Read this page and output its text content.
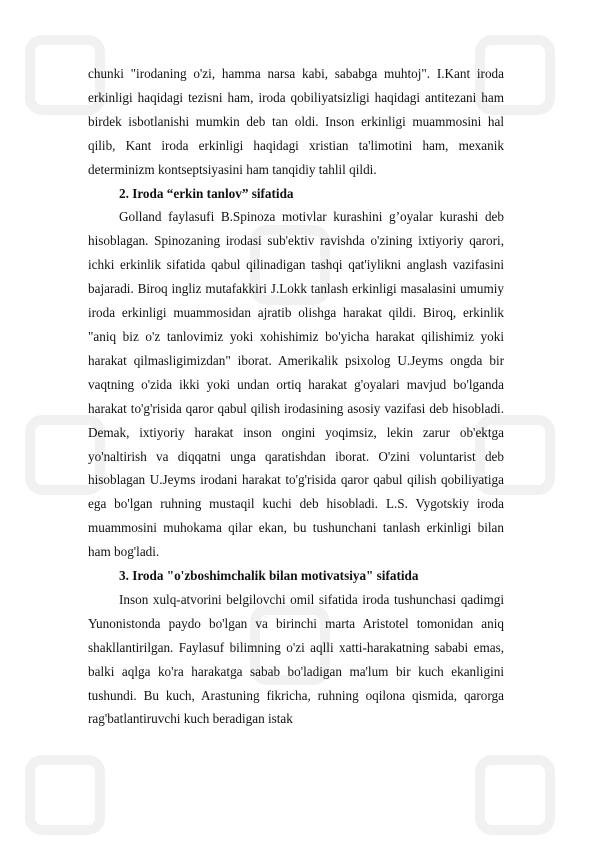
chunki "irodaning o'zi, hamma narsa kabi, sababga muhtoj". I.Kant iroda erkinligi haqidagi tezisni ham, iroda qobiliyatsizligi haqidagi antitezani ham birdek isbotlanishi mumkin deb tan oldi. Inson erkinligi muammosini hal qilib, Kant iroda erkinligi haqidagi xristian ta'limotini ham, mexanik determinizm kontseptsiyasini ham tanqidiy tahlil qildi.

2. Iroda “erkin tanlov” sifatida

Golland faylasufi B.Spinoza motivlar kurashini g’oyalar kurashi deb hisoblagan. Spinozaning irodasi sub'ektiv ravishda o'zining ixtiyoriy qarori, ichki erkinlik sifatida qabul qilinadigan tashqi qat'iylikni anglash vazifasini bajaradi. Biroq ingliz mutafakkiri J.Lokk tanlash erkinligi masalasini umumiy iroda erkinligi muammosidan ajratib olishga harakat qildi. Biroq, erkinlik "aniq biz o'z tanlovimiz yoki xohishimiz bo'yicha harakat qilishimiz yoki harakat qilmasligimizdan" iborat. Amerikalik psixolog U.Jeyms ongda bir vaqtning o'zida ikki yoki undan ortiq harakat g'oyalari mavjud bo'lganda harakat to'g'risida qaror qabul qilish irodasining asosiy vazifasi deb hisobladi. Demak, ixtiyoriy harakat inson ongini yoqimsiz, lekin zarur ob'ektga yo'naltirish va diqqatni unga qaratishdan iborat. O'zini voluntarist deb hisoblagan U.Jeyms irodani harakat to'g'risida qaror qabul qilish qobiliyatiga ega bo'lgan ruhning mustaqil kuchi deb hisobladi. L.S. Vygotskiy iroda muammosini muhokama qilar ekan, bu tushunchani tanlash erkinligi bilan ham bog'ladi.

3. Iroda "o'zboshimchalik bilan motivatsiya" sifatida

Inson xulq-atvorini belgilovchi omil sifatida iroda tushunchasi qadimgi Yunonistonda paydo bo'lgan va birinchi marta Aristotel tomonidan aniq shakllantirilgan. Faylasuf bilimning o'zi aqlli xatti-harakatning sababi emas, balki aqlga ko'ra harakatga sabab bo'ladigan ma'lum bir kuch ekanligini tushundi. Bu kuch, Arastuning fikricha, ruhning oqilona qismida, qarorga rag'batlantiruvchi kuch beradigan istak
